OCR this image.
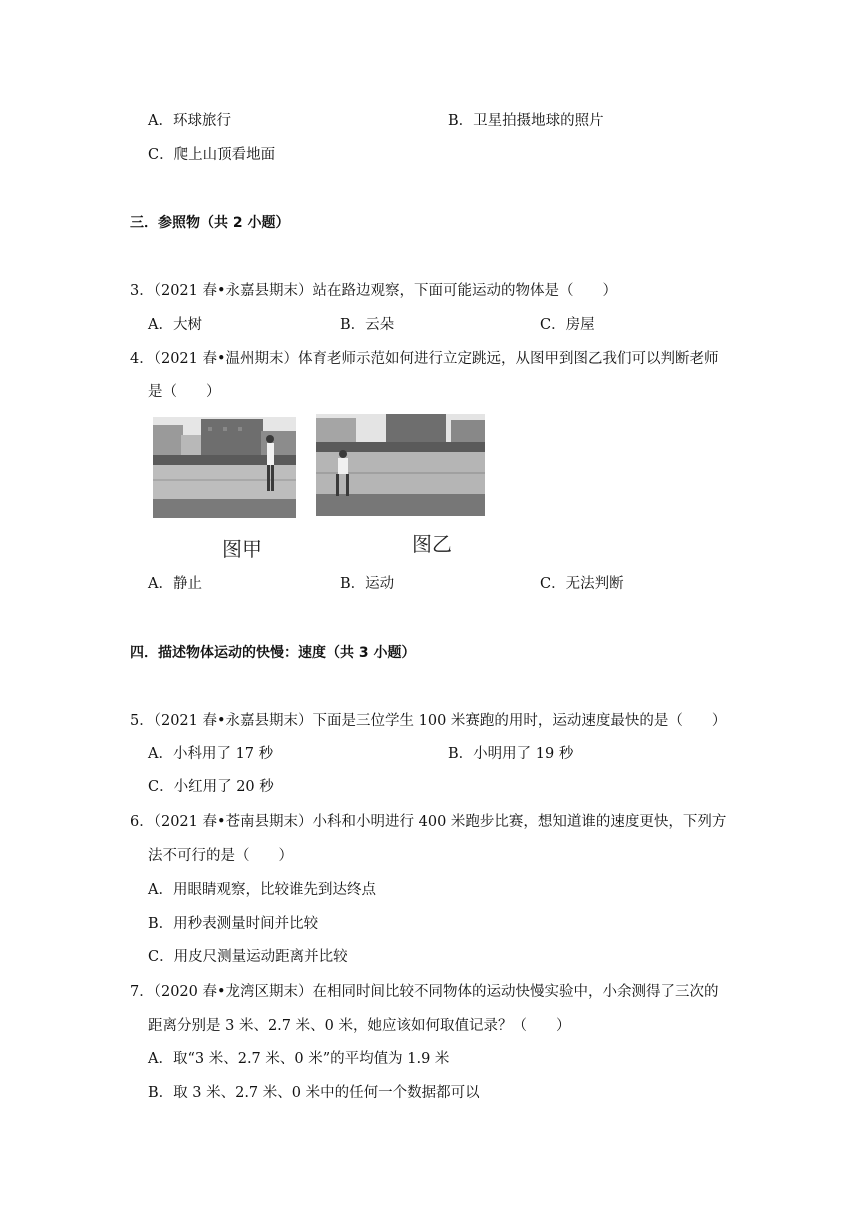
A．环球旅行	B．卫星拍摄地球的照片
C．爬上山顶看地面
三．参照物（共 2 小题）
3．（2021 春•永嘉县期末）站在路边观察，下面可能运动的物体是（　　）
A．大树	B．云朵	C．房屋
4．（2021 春•温州期末）体育老师示范如何进行立定跳远，从图甲到图乙我们可以判断老师
是（　　）
图甲	图乙
A．静止	B．运动	C．无法判断
四．描述物体运动的快慢：速度（共 3 小题）
5．（2021 春•永嘉县期末）下面是三位学生 100 米赛跑的用时，运动速度最快的是（　　）
A．小科用了 17 秒	B．小明用了 19 秒
C．小红用了 20 秒
6．（2021 春•苍南县期末）小科和小明进行 400 米跑步比赛，想知道谁的速度更快，下列方
法不可行的是（　　）
A．用眼睛观察，比较谁先到达终点
B．用秒表测量时间并比较
C．用皮尺测量运动距离并比较
7．（2020 春•龙湾区期末）在相同时间比较不同物体的运动快慢实验中，小余测得了三次的
距离分别是 3 米、2.7 米、0 米，她应该如何取值记录？（　　）
A．取“3 米、2.7 米、0 米”的平均值为 1.9 米
B．取 3 米、2.7 米、0 米中的任何一个数据都可以
